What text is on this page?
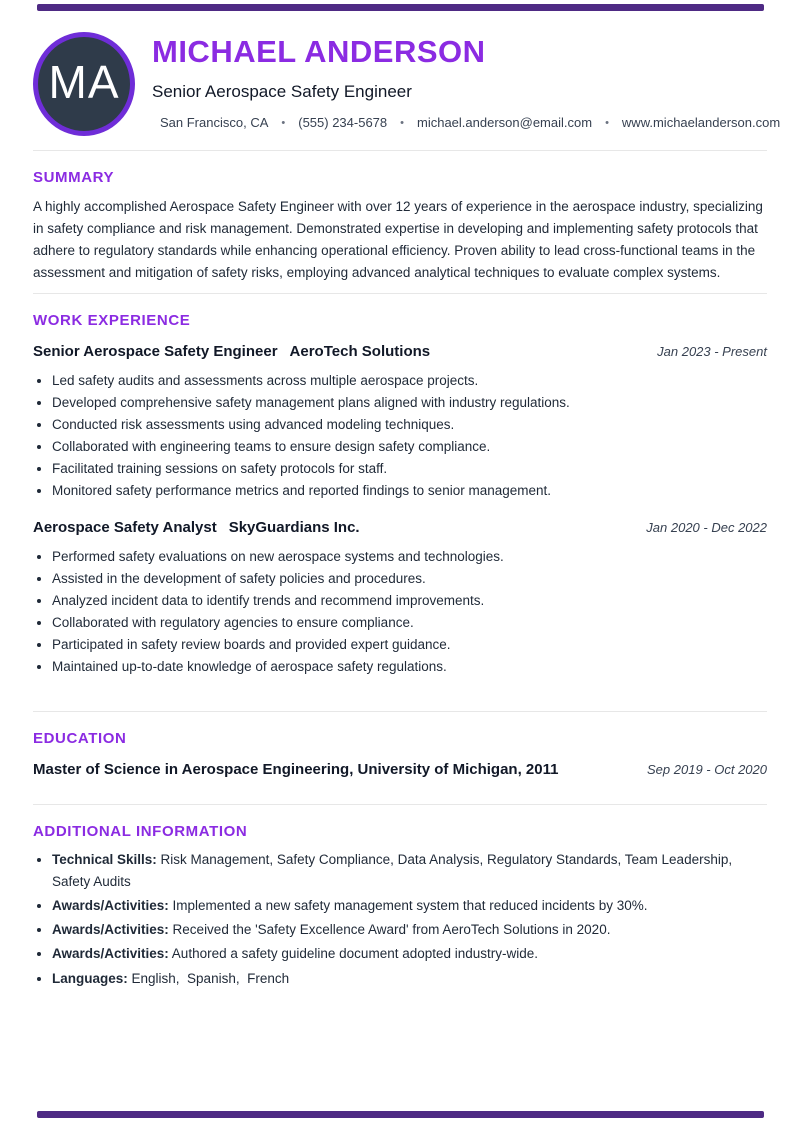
MA
MICHAEL ANDERSON
Senior Aerospace Safety Engineer
San Francisco, CA • (555) 234-5678 • michael.anderson@email.com • www.michaelanderson.com
SUMMARY

A highly accomplished Aerospace Safety Engineer with over 12 years of experience in the aerospace industry, specializing in safety compliance and risk management. Demonstrated expertise in developing and implementing safety protocols that adhere to regulatory standards while enhancing operational efficiency. Proven ability to lead cross-functional teams in the assessment and mitigation of safety risks, employing advanced analytical techniques to evaluate complex systems.

WORK EXPERIENCE
Senior Aerospace Safety Engineer AeroTech Solutions	Jan 2023 - Present
Led safety audits and assessments across multiple aerospace projects.
Developed comprehensive safety management plans aligned with industry regulations.
Conducted risk assessments using advanced modeling techniques.
Collaborated with engineering teams to ensure design safety compliance.
Facilitated training sessions on safety protocols for staff.
Monitored safety performance metrics and reported findings to senior management.
Aerospace Safety Analyst SkyGuardians Inc.	Jan 2020 - Dec 2022
Performed safety evaluations on new aerospace systems and technologies.
Assisted in the development of safety policies and procedures.
Analyzed incident data to identify trends and recommend improvements.
Collaborated with regulatory agencies to ensure compliance.
Participated in safety review boards and provided expert guidance.
Maintained up-to-date knowledge of aerospace safety regulations.
EDUCATION
Master of Science in Aerospace Engineering, University of Michigan, 2011	Sep 2019 - Oct 2020
ADDITIONAL INFORMATION
Technical Skills: Risk Management, Safety Compliance, Data Analysis, Regulatory Standards, Team Leadership, Safety Audits
Awards/Activities: Implemented a new safety management system that reduced incidents by 30%.
Awards/Activities: Received the 'Safety Excellence Award' from AeroTech Solutions in 2020.
Awards/Activities: Authored a safety guideline document adopted industry-wide.
Languages: English,  Spanish,  French
